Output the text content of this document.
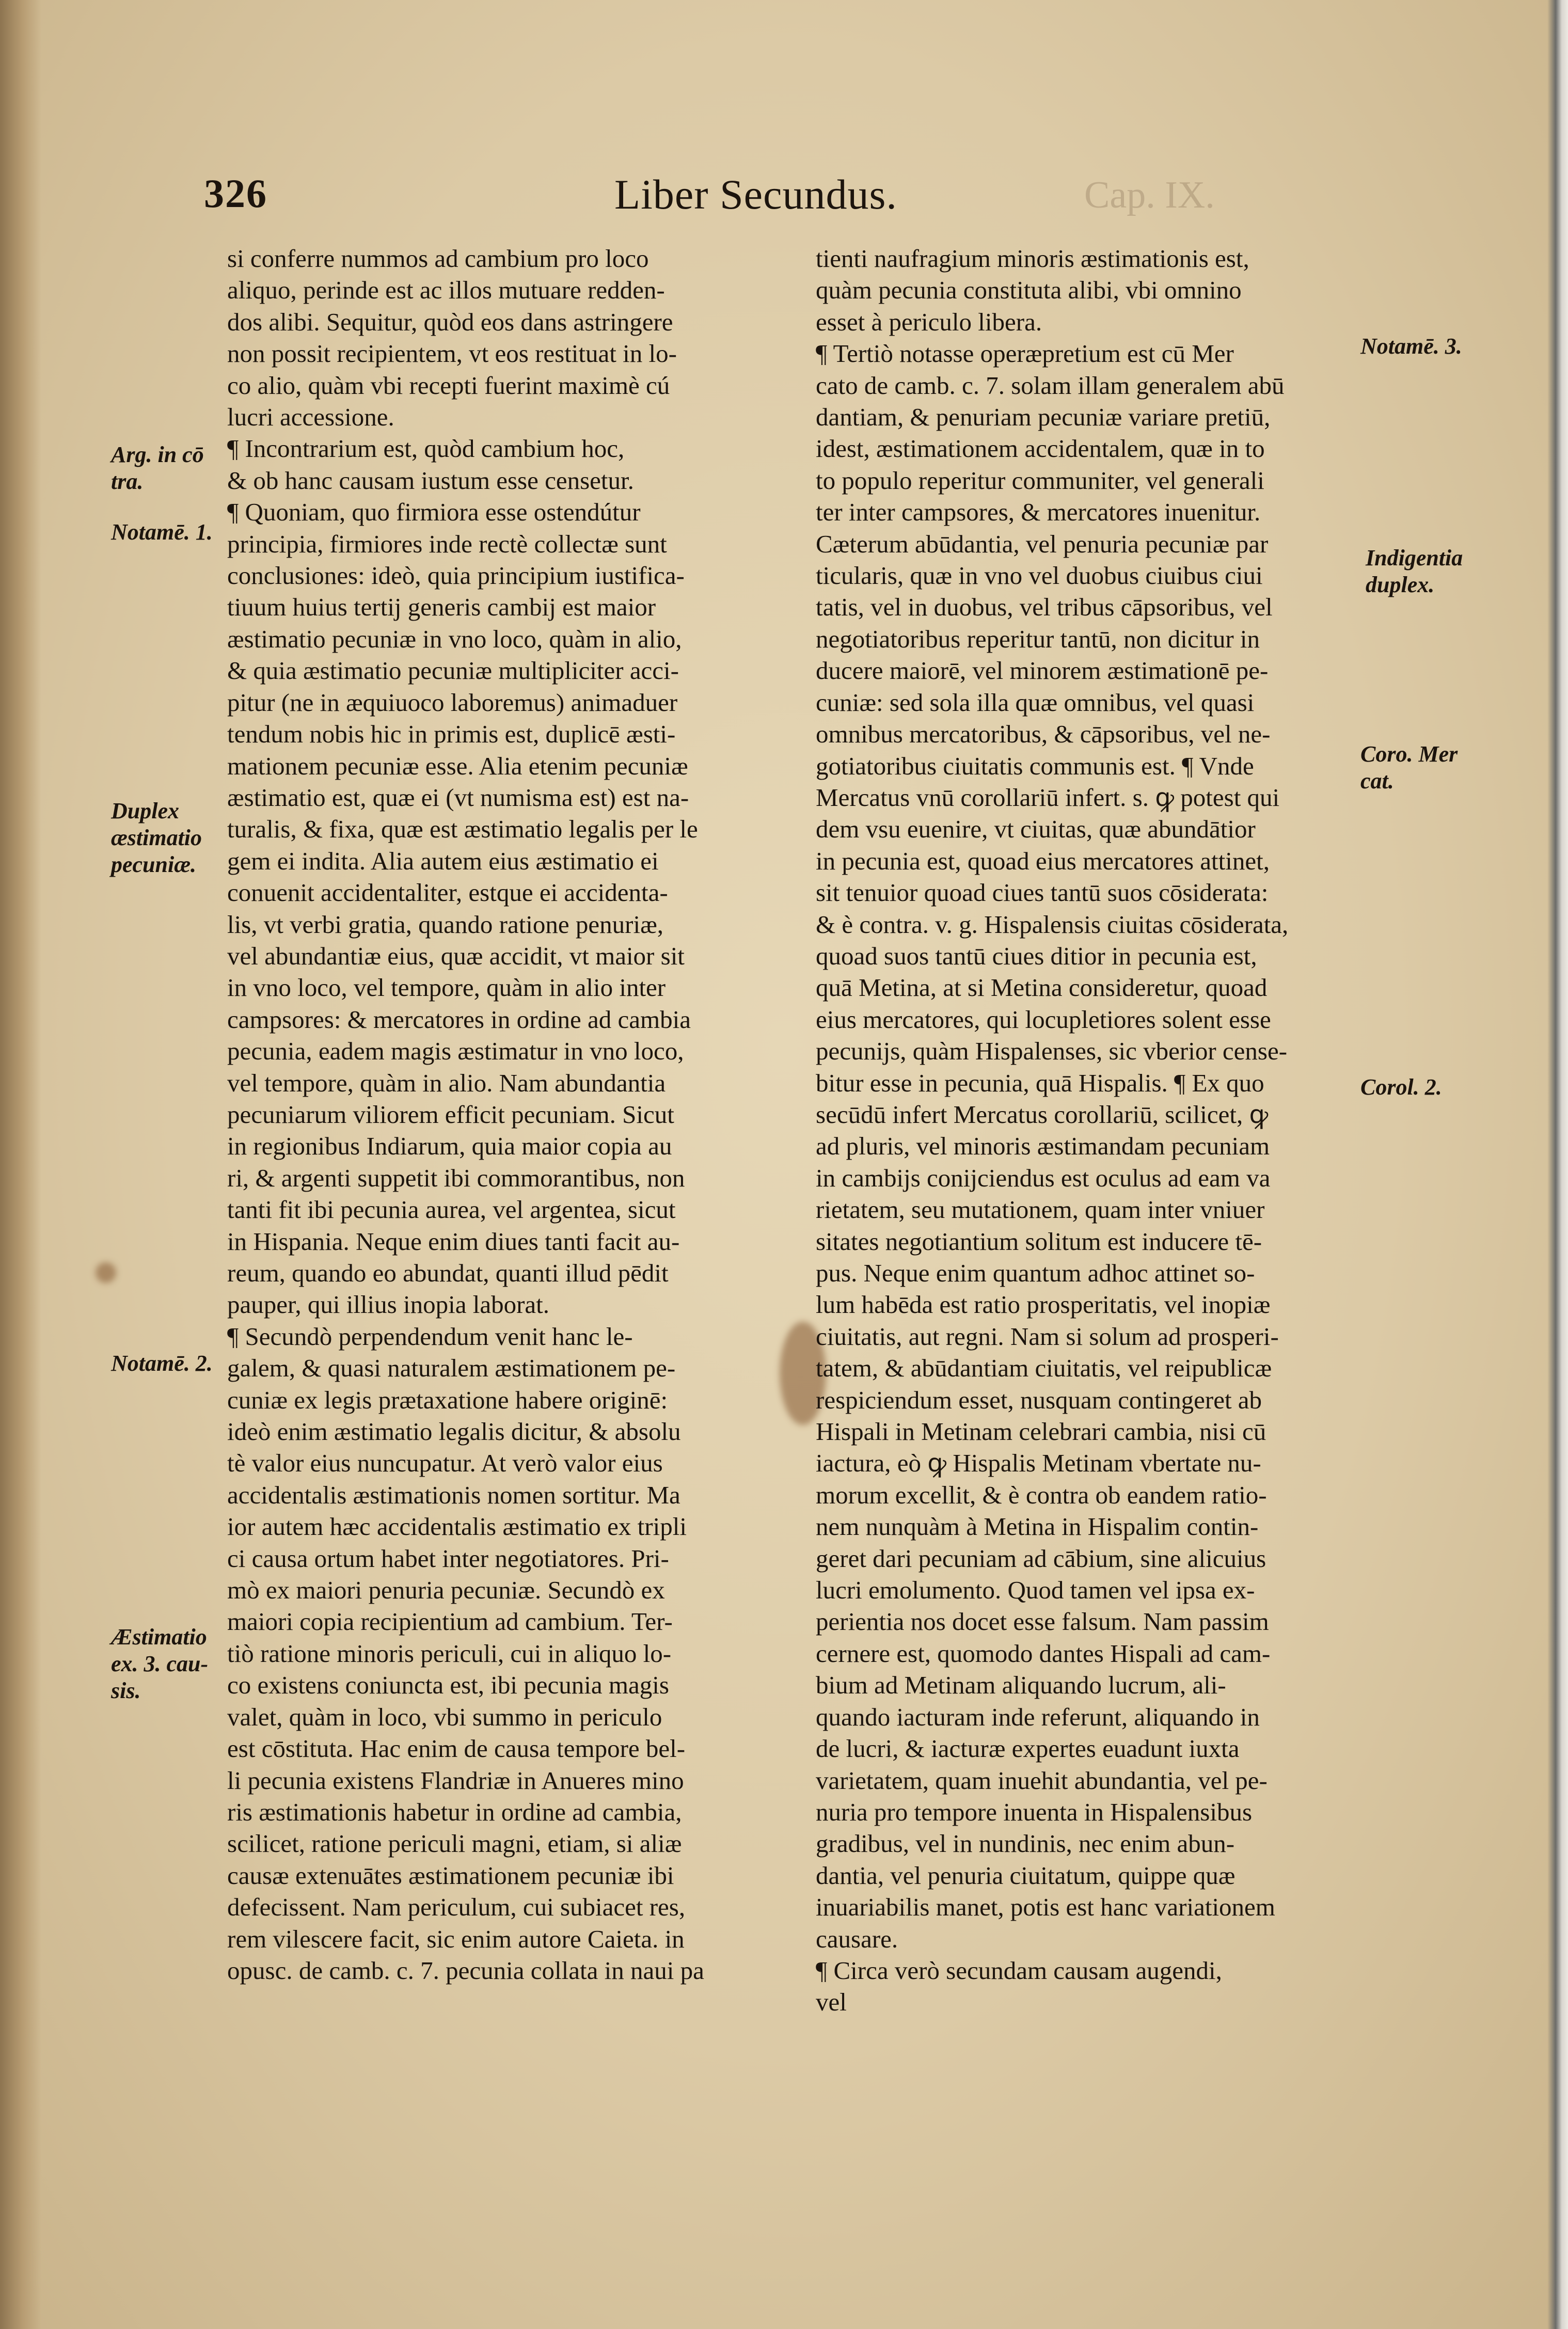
326	Liber Secundus.	Cap. IX.
si conferre nummos ad cambium pro loco
aliquo, perinde est ac illos mutuare redden-
dos alibi. Sequitur, quòd eos dans astringere
non possit recipientem, vt eos restituat in lo-
co alio, quàm vbi recepti fuerint maximè cú
lucri accessione.
¶ Incontrarium est, quòd cambium hoc,
& ob hanc causam iustum esse censetur.
¶ Quoniam, quo firmiora esse ostendútur
principia, firmiores inde rectè collectæ sunt
conclusiones: ideò, quia principium iustifica-
tiuum huius tertij generis cambij est maior
æstimatio pecuniæ in vno loco, quàm in alio,
& quia æstimatio pecuniæ multipliciter acci-
pitur (ne in æquiuoco laboremus) animaduer
tendum nobis hic in primis est, duplicē æsti-
mationem pecuniæ esse. Alia etenim pecuniæ
æstimatio est, quæ ei (vt numisma est) est na-
turalis, & fixa, quæ est æstimatio legalis per le
gem ei indita. Alia autem eius æstimatio ei
conuenit accidentaliter, estque ei accidenta-
lis, vt verbi gratia, quando ratione penuriæ,
vel abundantiæ eius, quæ accidit, vt maior sit
in vno loco, vel tempore, quàm in alio inter
campsores: & mercatores in ordine ad cambia
pecunia, eadem magis æstimatur in vno loco,
vel tempore, quàm in alio. Nam abundantia
pecuniarum viliorem efficit pecuniam. Sicut
in regionibus Indiarum, quia maior copia au
ri, & argenti suppetit ibi commorantibus, non
tanti fit ibi pecunia aurea, vel argentea, sicut
in Hispania. Neque enim diues tanti facit au-
reum, quando eo abundat, quanti illud pēdit
pauper, qui illius inopia laborat.
¶ Secundò perpendendum venit hanc le-
galem, & quasi naturalem æstimationem pe-
cuniæ ex legis prætaxatione habere originē:
ideò enim æstimatio legalis dicitur, & absolu
tè valor eius nuncupatur. At verò valor eius
accidentalis æstimationis nomen sortitur. Ma
ior autem hæc accidentalis æstimatio ex tripli
ci causa ortum habet inter negotiatores. Pri-
mò ex maiori penuria pecuniæ. Secundò ex
maiori copia recipientium ad cambium. Ter-
tiò ratione minoris periculi, cui in aliquo lo-
co existens coniuncta est, ibi pecunia magis
valet, quàm in loco, vbi summo in periculo
est cōstituta. Hac enim de causa tempore bel-
li pecunia existens Flandriæ in Anueres mino
ris æstimationis habetur in ordine ad cambia,
scilicet, ratione periculi magni, etiam, si aliæ
causæ extenuātes æstimationem pecuniæ ibi
defecissent. Nam periculum, cui subiacet res,
rem vilescere facit, sic enim autore Caieta. in
opusc. de camb. c. 7. pecunia collata in naui pa
tienti naufragium minoris æstimationis est,
quàm pecunia constituta alibi, vbi omnino
esset à periculo libera.
¶ Tertiò notasse operæpretium est cū Mer
cato de camb. c. 7. solam illam generalem abū
dantiam, & penuriam pecuniæ variare pretiū,
idest, æstimationem accidentalem, quæ in to
to populo reperitur communiter, vel generali
ter inter campsores, & mercatores inuenitur.
Cæterum abūdantia, vel penuria pecuniæ par
ticularis, quæ in vno vel duobus ciuibus ciui
tatis, vel in duobus, vel tribus cāpsoribus, vel
negotiatoribus reperitur tantū, non dicitur in
ducere maiorē, vel minorem æstimationē pe-
cuniæ: sed sola illa quæ omnibus, vel quasi
omnibus mercatoribus, & cāpsoribus, vel ne-
gotiatoribus ciuitatis communis est. ¶ Vnde
Mercatus vnū corollariū infert. s. ꝙ potest qui
dem vsu euenire, vt ciuitas, quæ abundātior
in pecunia est, quoad eius mercatores attinet,
sit tenuior quoad ciues tantū suos cōsiderata:
& è contra. v. g. Hispalensis ciuitas cōsiderata,
quoad suos tantū ciues ditior in pecunia est,
quā Metina, at si Metina consideretur, quoad
eius mercatores, qui locupletiores solent esse
pecunijs, quàm Hispalenses, sic vberior cense-
bitur esse in pecunia, quā Hispalis. ¶ Ex quo
secūdū infert Mercatus corollariū, scilicet, ꝙ
ad pluris, vel minoris æstimandam pecuniam
in cambijs conijciendus est oculus ad eam va
rietatem, seu mutationem, quam inter vniuer
sitates negotiantium solitum est inducere tē-
pus. Neque enim quantum adhoc attinet so-
lum habēda est ratio prosperitatis, vel inopiæ
ciuitatis, aut regni. Nam si solum ad prosperi-
tatem, & abūdantiam ciuitatis, vel reipublicæ
respiciendum esset, nusquam contingeret ab
Hispali in Metinam celebrari cambia, nisi cū
iactura, eò ꝙ Hispalis Metinam vbertate nu-
morum excellit, & è contra ob eandem ratio-
nem nunquàm à Metina in Hispalim contin-
geret dari pecuniam ad cābium, sine alicuius
lucri emolumento. Quod tamen vel ipsa ex-
perientia nos docet esse falsum. Nam passim
cernere est, quomodo dantes Hispali ad cam-
bium ad Metinam aliquando lucrum, ali-
quando iacturam inde referunt, aliquando in
de lucri, & iacturæ expertes euadunt iuxta
varietatem, quam inuehit abundantia, vel pe-
nuria pro tempore inuenta in Hispalensibus
gradibus, vel in nundinis, nec enim abun-
dantia, vel penuria ciuitatum, quippe quæ
inuariabilis manet, potis est hanc variationem
causare.
¶ Circa verò secundam causam augendi,
vel
Arg. in cō
tra.
Notamē. 1.
Duplex
æstimatio
pecuniæ.
Notamē. 2.
Æstimatio
ex. 3. cau-
sis.
Notamē. 3.
Indigentia
duplex.
Coro. Mer
cat.
Corol. 2.
